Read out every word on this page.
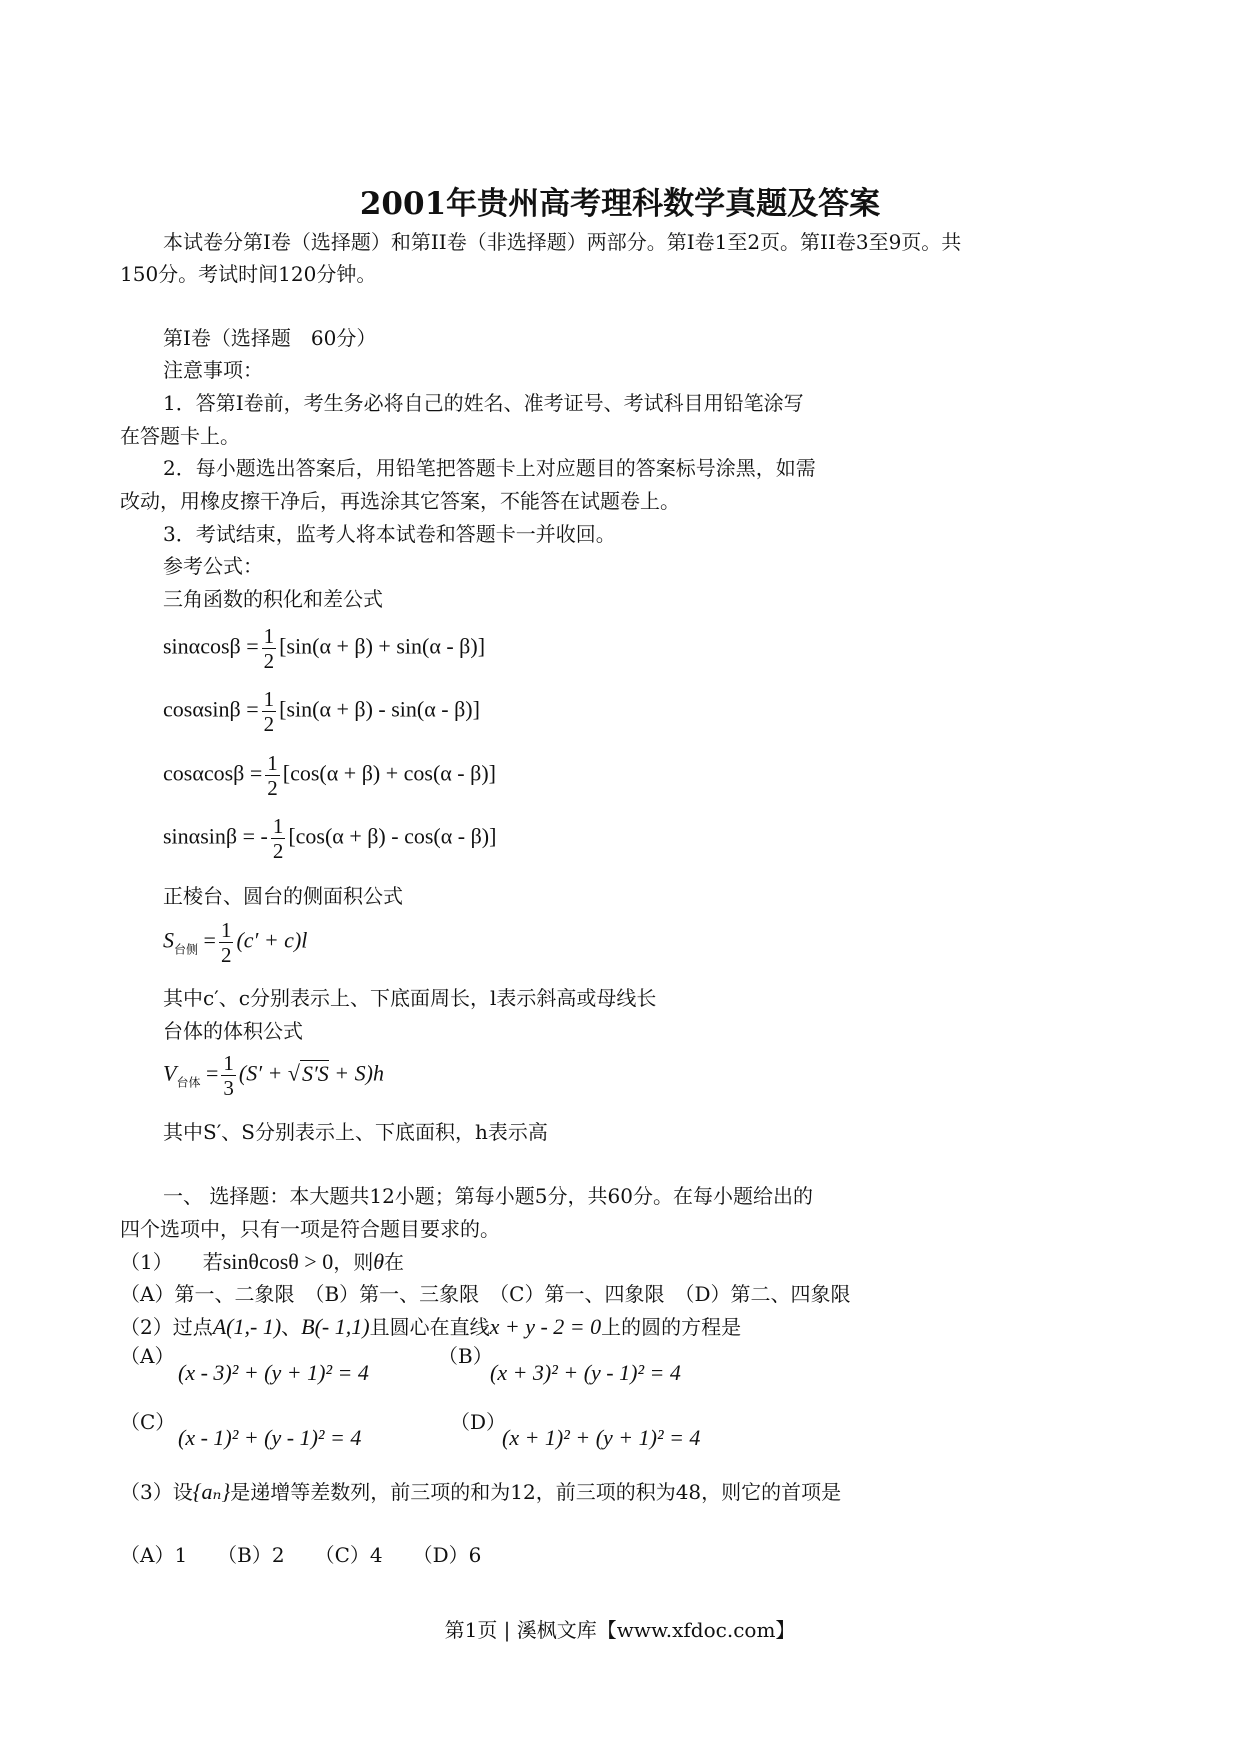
2001年贵州高考理科数学真题及答案
本试卷分第I卷（选择题）和第II卷（非选择题）两部分。第I卷1至2页。第II卷3至9页。共
150分。考试时间120分钟。
第I卷（选择题　60分）
注意事项：
1．答第I卷前，考生务必将自己的姓名、准考证号、考试科目用铅笔涂写
在答题卡上。
2．每小题选出答案后，用铅笔把答题卡上对应题目的答案标号涂黑，如需
改动，用橡皮擦干净后，再选涂其它答案，不能答在试题卷上。
3．考试结束，监考人将本试卷和答题卡一并收回。
参考公式：
三角函数的积化和差公式
$\sin\alpha\cos\beta = \frac{1}{2} [\sin(\alpha + \beta) + \sin(\alpha - \beta)]$
$\cos\alpha\sin\beta = \frac{1}{2} [\sin(\alpha + \beta) - \sin(\alpha - \beta)]$
$\cos\alpha\cos\beta = \frac{1}{2} [\cos(\alpha + \beta) + \cos(\alpha - \beta)]$
sinαsinβ = - $\frac{1}{2} [\cos(\alpha + \beta) - \cos(\alpha - \beta)]$
正棱台、圆台的侧面积公式
$S_{台侧} = \frac{1}{2} (c' + c)l$
其中c′、c分别表示上、下底面周长，l表示斜高或母线长
台体的体积公式
$V_{台体} = \frac{1}{3} (S' + √S'S + S)h$
其中S′、S分别表示上、下底面积，h表示高
一、 选择题：本大题共12小题；第每小题5分，共60分。在每小题给出的
四个选项中，只有一项是符合题目要求的。
（1）　　 若sinθcosθ > 0，则θ在
（A）第一、二象限　（B）第一、三象限　（C）第一、四象限　（D）第二、四象限
（2）过点A(1,- 1)、B(- 1,1)且圆心在直线x + y - 2 = 0上的圆的方程是
（A）
(x - 3)² + (y + 1)² = 4
（B）
(x + 3)² + (y - 1)² = 4
（C）
(x - 1)² + (y - 1)² = 4
（D）
(x + 1)² + (y + 1)² = 4
（3）设{aₙ}是递增等差数列，前三项的和为12，前三项的积为48，则它的首项是
（A）1　　（B）2　　（C）4　　（D）6
第1页 | 溪枫文库【www.xfdoc.com】
